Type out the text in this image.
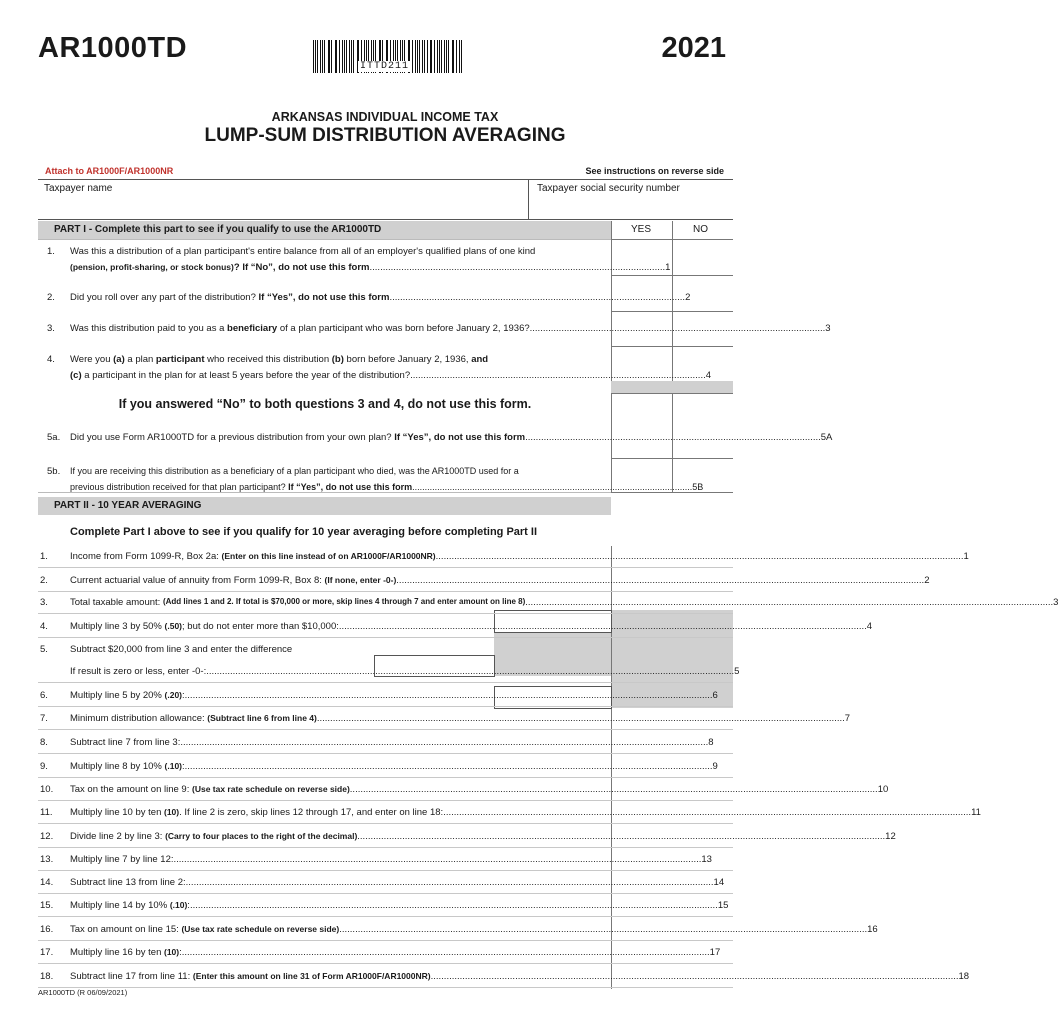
AR1000TD	2021
ITTD211
ARKANSAS INDIVIDUAL INCOME TAX
LUMP-SUM DISTRIBUTION AVERAGING
Attach to AR1000F/AR1000NR	See instructions on reverse side
Taxpayer name	Taxpayer social security number
PART I - Complete this part to see if you qualify to use the AR1000TD	YES	NO
1. Was this a distribution of a plan participant's entire balance from all of an employer's qualified plans of one kind
(pension, profit-sharing, or stock bonus) ? If “No”, do not use this form ................................................................................................................ 1
2. Did you roll over any part of the distribution?
If “Yes”, do not use this form ................................................................................................................ 2
3. Was this distribution paid to you as a
beneficiary
of a plan participant who was born before January 2, 1936? ................................................................................................................ 3
4. Were you (a) a plan participant who received this distribution (b) born before January 2, 1936, and
(c)
a participant in the plan for at least 5 years before the year of the distribution? ................................................................................................................ 4
If you answered “No” to both questions 3 and 4, do not use this form.
5a. Did you use Form AR1000TD for a previous distribution from your own plan?
If “Yes”, do not use this form ................................................................................................................ 5A
5b. If you are receiving this distribution as a beneficiary of a plan participant who died, was the AR1000TD used for a
previous distribution received for that plan participant?
If “Yes”, do not use this form ................................................................................................................ 5B
PART II - 10 YEAR AVERAGING
Complete Part I above to see if you qualify for 10 year averaging before completing Part II
1. Income from Form 1099-R, Box 2a:
(Enter on this line instead of on AR1000F/AR1000NR) ........................................................................................................................................................................................................ 1
2. Current actuarial value of annuity from Form 1099-R, Box 8:
(If none, enter -0-) ........................................................................................................................................................................................................ 2
3. Total taxable amount:
(Add lines 1 and 2. If total is $70,000 or more, skip lines 4 through 7 and enter amount on line 8) ........................................................................................................................................................................................................ 3
4. Multiply line 3 by 50%
(.50) ; but do not enter more than $10,000: ........................................................................................................................................................................................................ 4
5. Subtract $20,000 from line 3 and enter the difference
If result is zero or less, enter -0-: ........................................................................................................................................................................................................ 5
6. Multiply line 5 by 20%
(.20) : ........................................................................................................................................................................................................ 6
7. Minimum distribution allowance:
(Subtract line 6 from line 4) ........................................................................................................................................................................................................ 7
8. Subtract line 7 from line 3: ........................................................................................................................................................................................................ 8
9. Multiply line 8 by 10%
(.10) : ........................................................................................................................................................................................................ 9
10. Tax on the amount on line 9:
(Use tax rate schedule on reverse side) ........................................................................................................................................................................................................ 10
11. Multiply line 10 by ten
(10) . If line 2 is zero, skip lines 12 through 17, and enter on line 18: ........................................................................................................................................................................................................ 11
12. Divide line 2 by line 3:
(Carry to four places to the right of the decimal) ........................................................................................................................................................................................................ 12
13. Multiply line 7 by line 12: ........................................................................................................................................................................................................ 13
14. Subtract line 13 from line 2: ........................................................................................................................................................................................................ 14
15. Multiply line 14 by 10%
(.10) : ........................................................................................................................................................................................................ 15
16. Tax on amount on line 15:
(Use tax rate schedule on reverse side) ........................................................................................................................................................................................................ 16
17. Multiply line 16 by ten
(10) : ........................................................................................................................................................................................................ 17
18. Subtract line 17 from line 11:
(Enter this amount on line 31 of Form AR1000F/AR1000NR) ........................................................................................................................................................................................................ 18
AR1000TD (R 06/09/2021)
